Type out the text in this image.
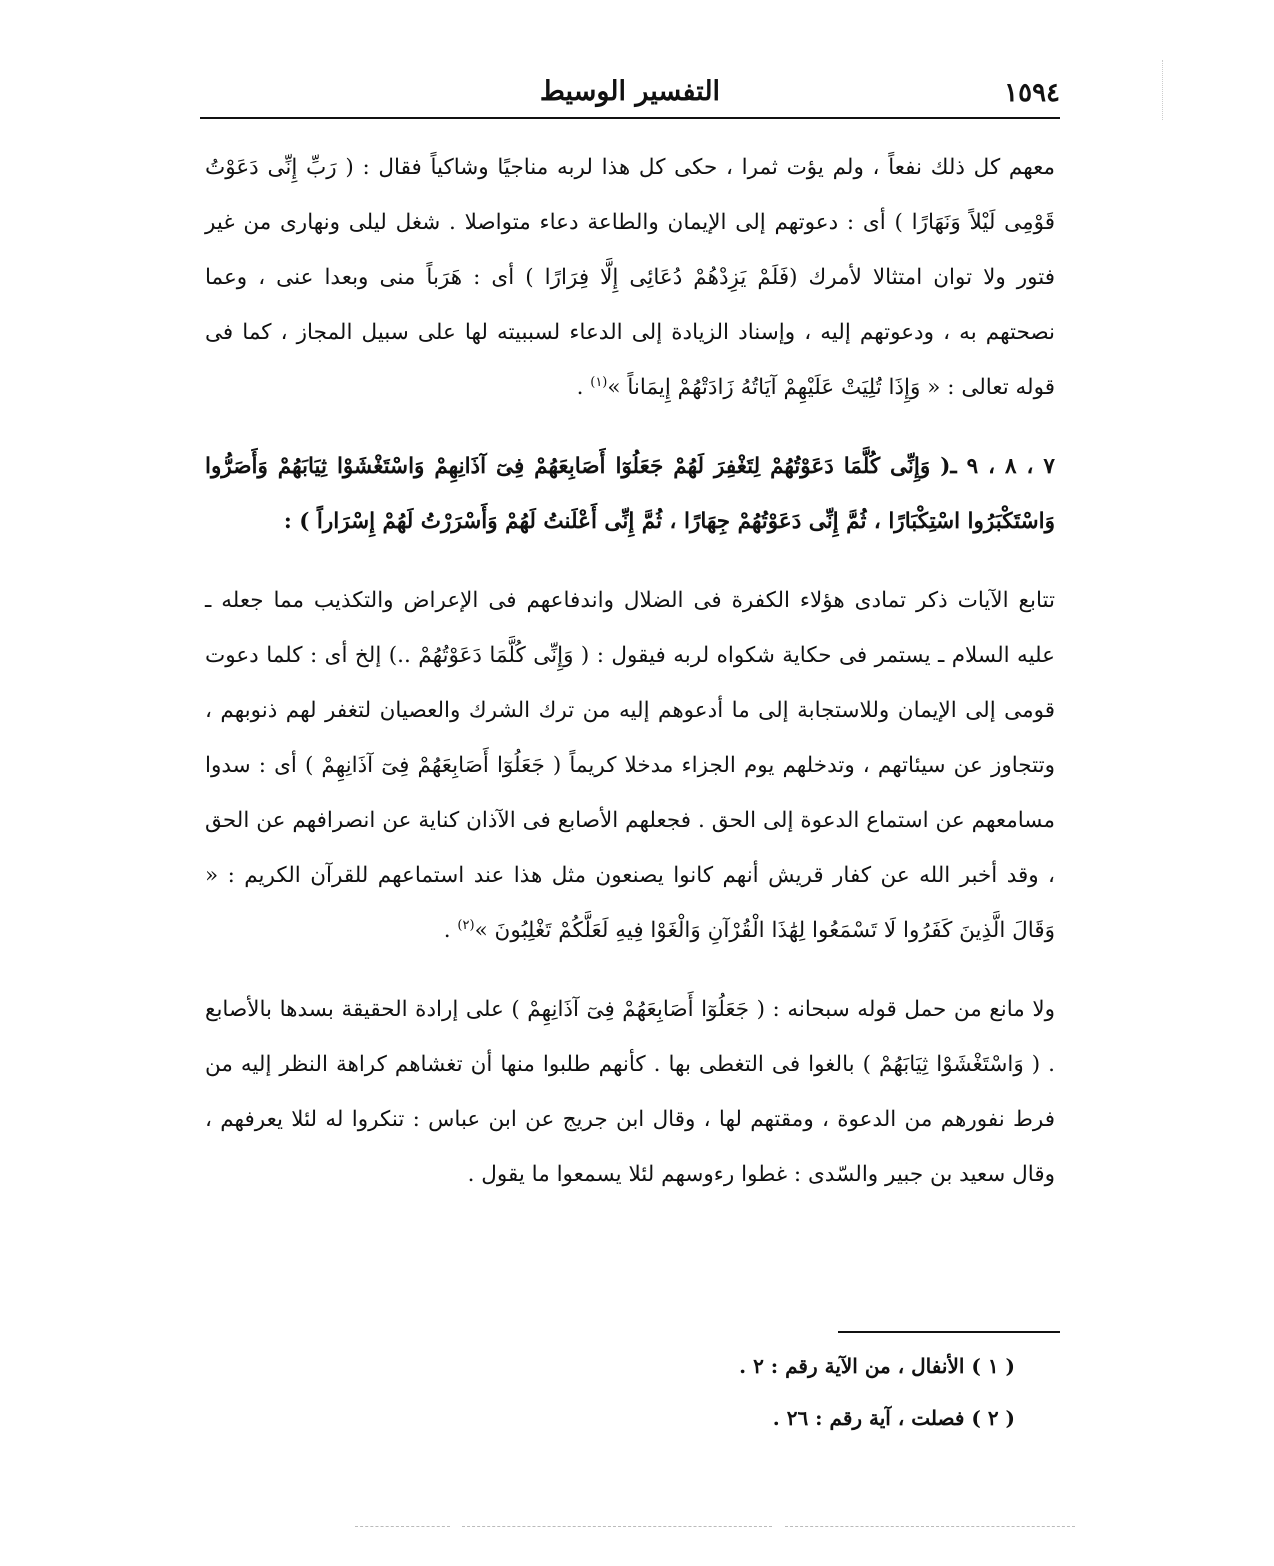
١٥٩٤
التفسير الوسيط

معهم كل ذلك نفعاً ، ولم يؤت ثمرا ، حكى كل هذا لربه مناجيًا وشاكياً فقال : ( رَبِّ إِنِّى دَعَوْتُ قَوْمِى لَيْلاً وَنَهَارًا ) أى : دعوتهم إلى الإيمان والطاعة دعاء متواصلا . شغل ليلى ونهارى من غير فتور ولا توان امتثالا لأمرك (فَلَمْ يَزِدْهُمْ دُعَائِى إِلَّا فِرَارًا ) أى : هَرَباً منى وبعدا عنى ، وعما نصحتهم به ، ودعوتهم إليه ، وإسناد الزيادة إلى الدعاء لسببيته لها على سبيل المجاز ، كما فى قوله تعالى : « وَإِذَا تُلِيَتْ عَلَيْهِمْ آيَاتُهُ زَادَتْهُمْ إِيمَاناً »$^{(١)}$ .

٧ ، ٨ ، ٩ ـ( وَإِنِّى كُلَّمَا دَعَوْتُهُمْ لِتَغْفِرَ لَهُمْ جَعَلُوٓا أَصَابِعَهُمْ فِىٓ آذَانِهِمْ وَاسْتَغْشَوْا ثِيَابَهُمْ وَأَصَرُّوا وَاسْتَكْبَرُوا اسْتِكْبَارًا ، ثُمَّ إِنِّى دَعَوْتُهُمْ جِهَارًا ، ثُمَّ إِنِّى أَعْلَنتُ لَهُمْ وَأَسْرَرْتُ لَهُمْ إِسْرَاراً ) :

تتابع الآيات ذكر تمادى هؤلاء الكفرة فى الضلال واندفاعهم فى الإعراض والتكذيب مما جعله ـ عليه السلام ـ يستمر فى حكاية شكواه لربه فيقول : ( وَإِنِّى كُلَّمَا دَعَوْتُهُمْ ..) إلخ أى : كلما دعوت قومى إلى الإيمان وللاستجابة إلى ما أدعوهم إليه من ترك الشرك والعصيان لتغفر لهم ذنوبهم ، وتتجاوز عن سيئاتهم ، وتدخلهم يوم الجزاء مدخلا كريماً ( جَعَلُوٓا أَصَابِعَهُمْ فِىٓ آذَانِهِمْ ) أى : سدوا مسامعهم عن استماع الدعوة إلى الحق . فجعلهم الأصابع فى الآذان كناية عن انصرافهم عن الحق ، وقد أخبر الله عن كفار قريش أنهم كانوا يصنعون مثل هذا عند استماعهم للقرآن الكريم : « وَقَالَ الَّذِينَ كَفَرُوا لَا تَسْمَعُوا لِهَٰذَا الْقُرْآنِ وَالْغَوْا فِيهِ لَعَلَّكُمْ تَغْلِبُونَ »$^{(٢)}$ .

ولا مانع من حمل قوله سبحانه : ( جَعَلُوٓا أَصَابِعَهُمْ فِىٓ آذَانِهِمْ ) على إرادة الحقيقة بسدها بالأصابع . ( وَاسْتَغْشَوْا ثِيَابَهُمْ ) بالغوا فى التغطى بها . كأنهم طلبوا منها أن تغشاهم كراهة النظر إليه من فرط نفورهم من الدعوة ، ومقتهم لها ، وقال ابن جريج عن ابن عباس : تنكروا له لئلا يعرفهم ، وقال سعيد بن جبير والسّدى : غطوا رءوسهم لئلا يسمعوا ما يقول .

( ١ ) الأنفال ، من الآية رقم : ٢ .
( ٢ ) فصلت ، آية رقم : ٢٦ .
